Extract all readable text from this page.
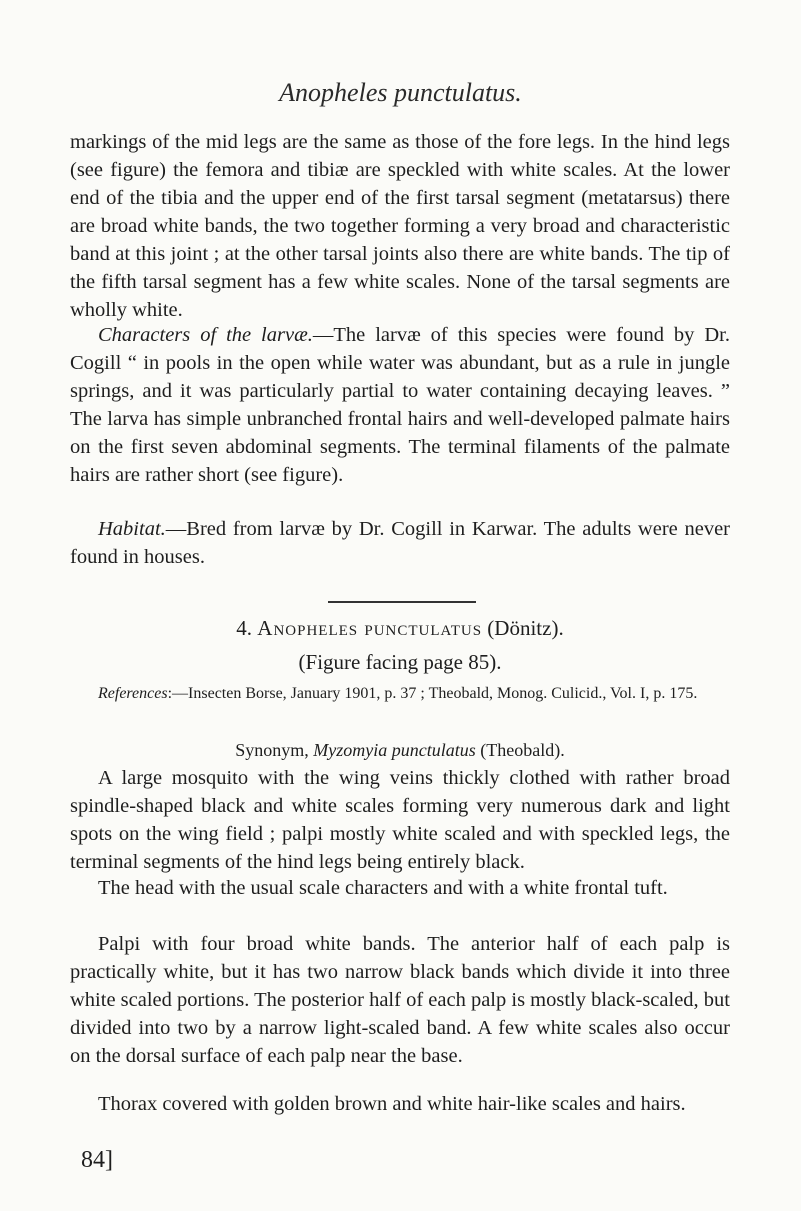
Anopheles punctulatus.

markings of the mid legs are the same as those of the fore legs. In the hind legs (see figure) the femora and tibiæ are speckled with white scales. At the lower end of the tibia and the upper end of the first tarsal segment (metatarsus) there are broad white bands, the two together forming a very broad and characteristic band at this joint ; at the other tarsal joints also there are white bands. The tip of the fifth tarsal segment has a few white scales. None of the tarsal segments are wholly white.

Characters of the larvæ.—The larvæ of this species were found by Dr. Cogill “ in pools in the open while water was abundant, but as a rule in jungle springs, and it was particularly partial to water containing decaying leaves. ” The larva has simple unbranched frontal hairs and well-developed palmate hairs on the first seven abdominal segments. The terminal filaments of the palmate hairs are rather short (see figure).

Habitat.—Bred from larvæ by Dr. Cogill in Karwar. The adults were never found in houses.

4. Anopheles punctulatus (Dönitz).

(Figure facing page 85).

References:—Insecten Borse, January 1901, p. 37 ; Theobald, Monog. Culicid., Vol. I, p. 175.

Synonym, Myzomyia punctulatus (Theobald).

A large mosquito with the wing veins thickly clothed with rather broad spindle-shaped black and white scales forming very numerous dark and light spots on the wing field ; palpi mostly white scaled and with speckled legs, the terminal segments of the hind legs being entirely black.

The head with the usual scale characters and with a white frontal tuft.

Palpi with four broad white bands. The anterior half of each palp is practically white, but it has two narrow black bands which divide it into three white scaled portions. The posterior half of each palp is mostly black-scaled, but divided into two by a narrow light-scaled band. A few white scales also occur on the dorsal surface of each palp near the base.

Thorax covered with golden brown and white hair-like scales and hairs.

84]
